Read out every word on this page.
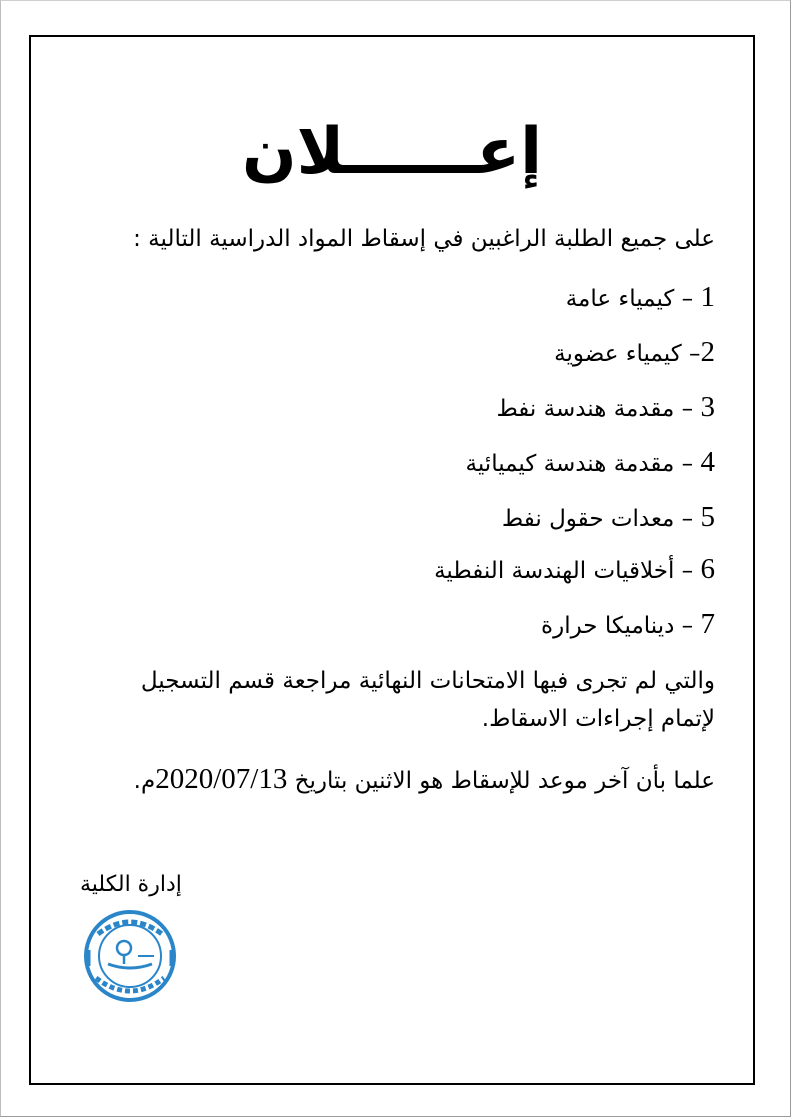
إعــــــلان
على جميع الطلبة الراغبين في إسقاط المواد الدراسية التالية :
1 – كيمياء عامة
2– كيمياء عضوية
3 – مقدمة هندسة نفط
4 – مقدمة هندسة كيميائية
5 – معدات حقول نفط
6 – أخلاقيات الهندسة النفطية
7 – ديناميكا حرارة
والتي لم تجرى فيها الامتحانات النهائية مراجعة قسم التسجيل
لإتمام إجراءات الاسقاط.
علما بأن آخر موعد للإسقاط هو الاثنين بتاريخ 2020/07/13م.
إدارة الكلية
